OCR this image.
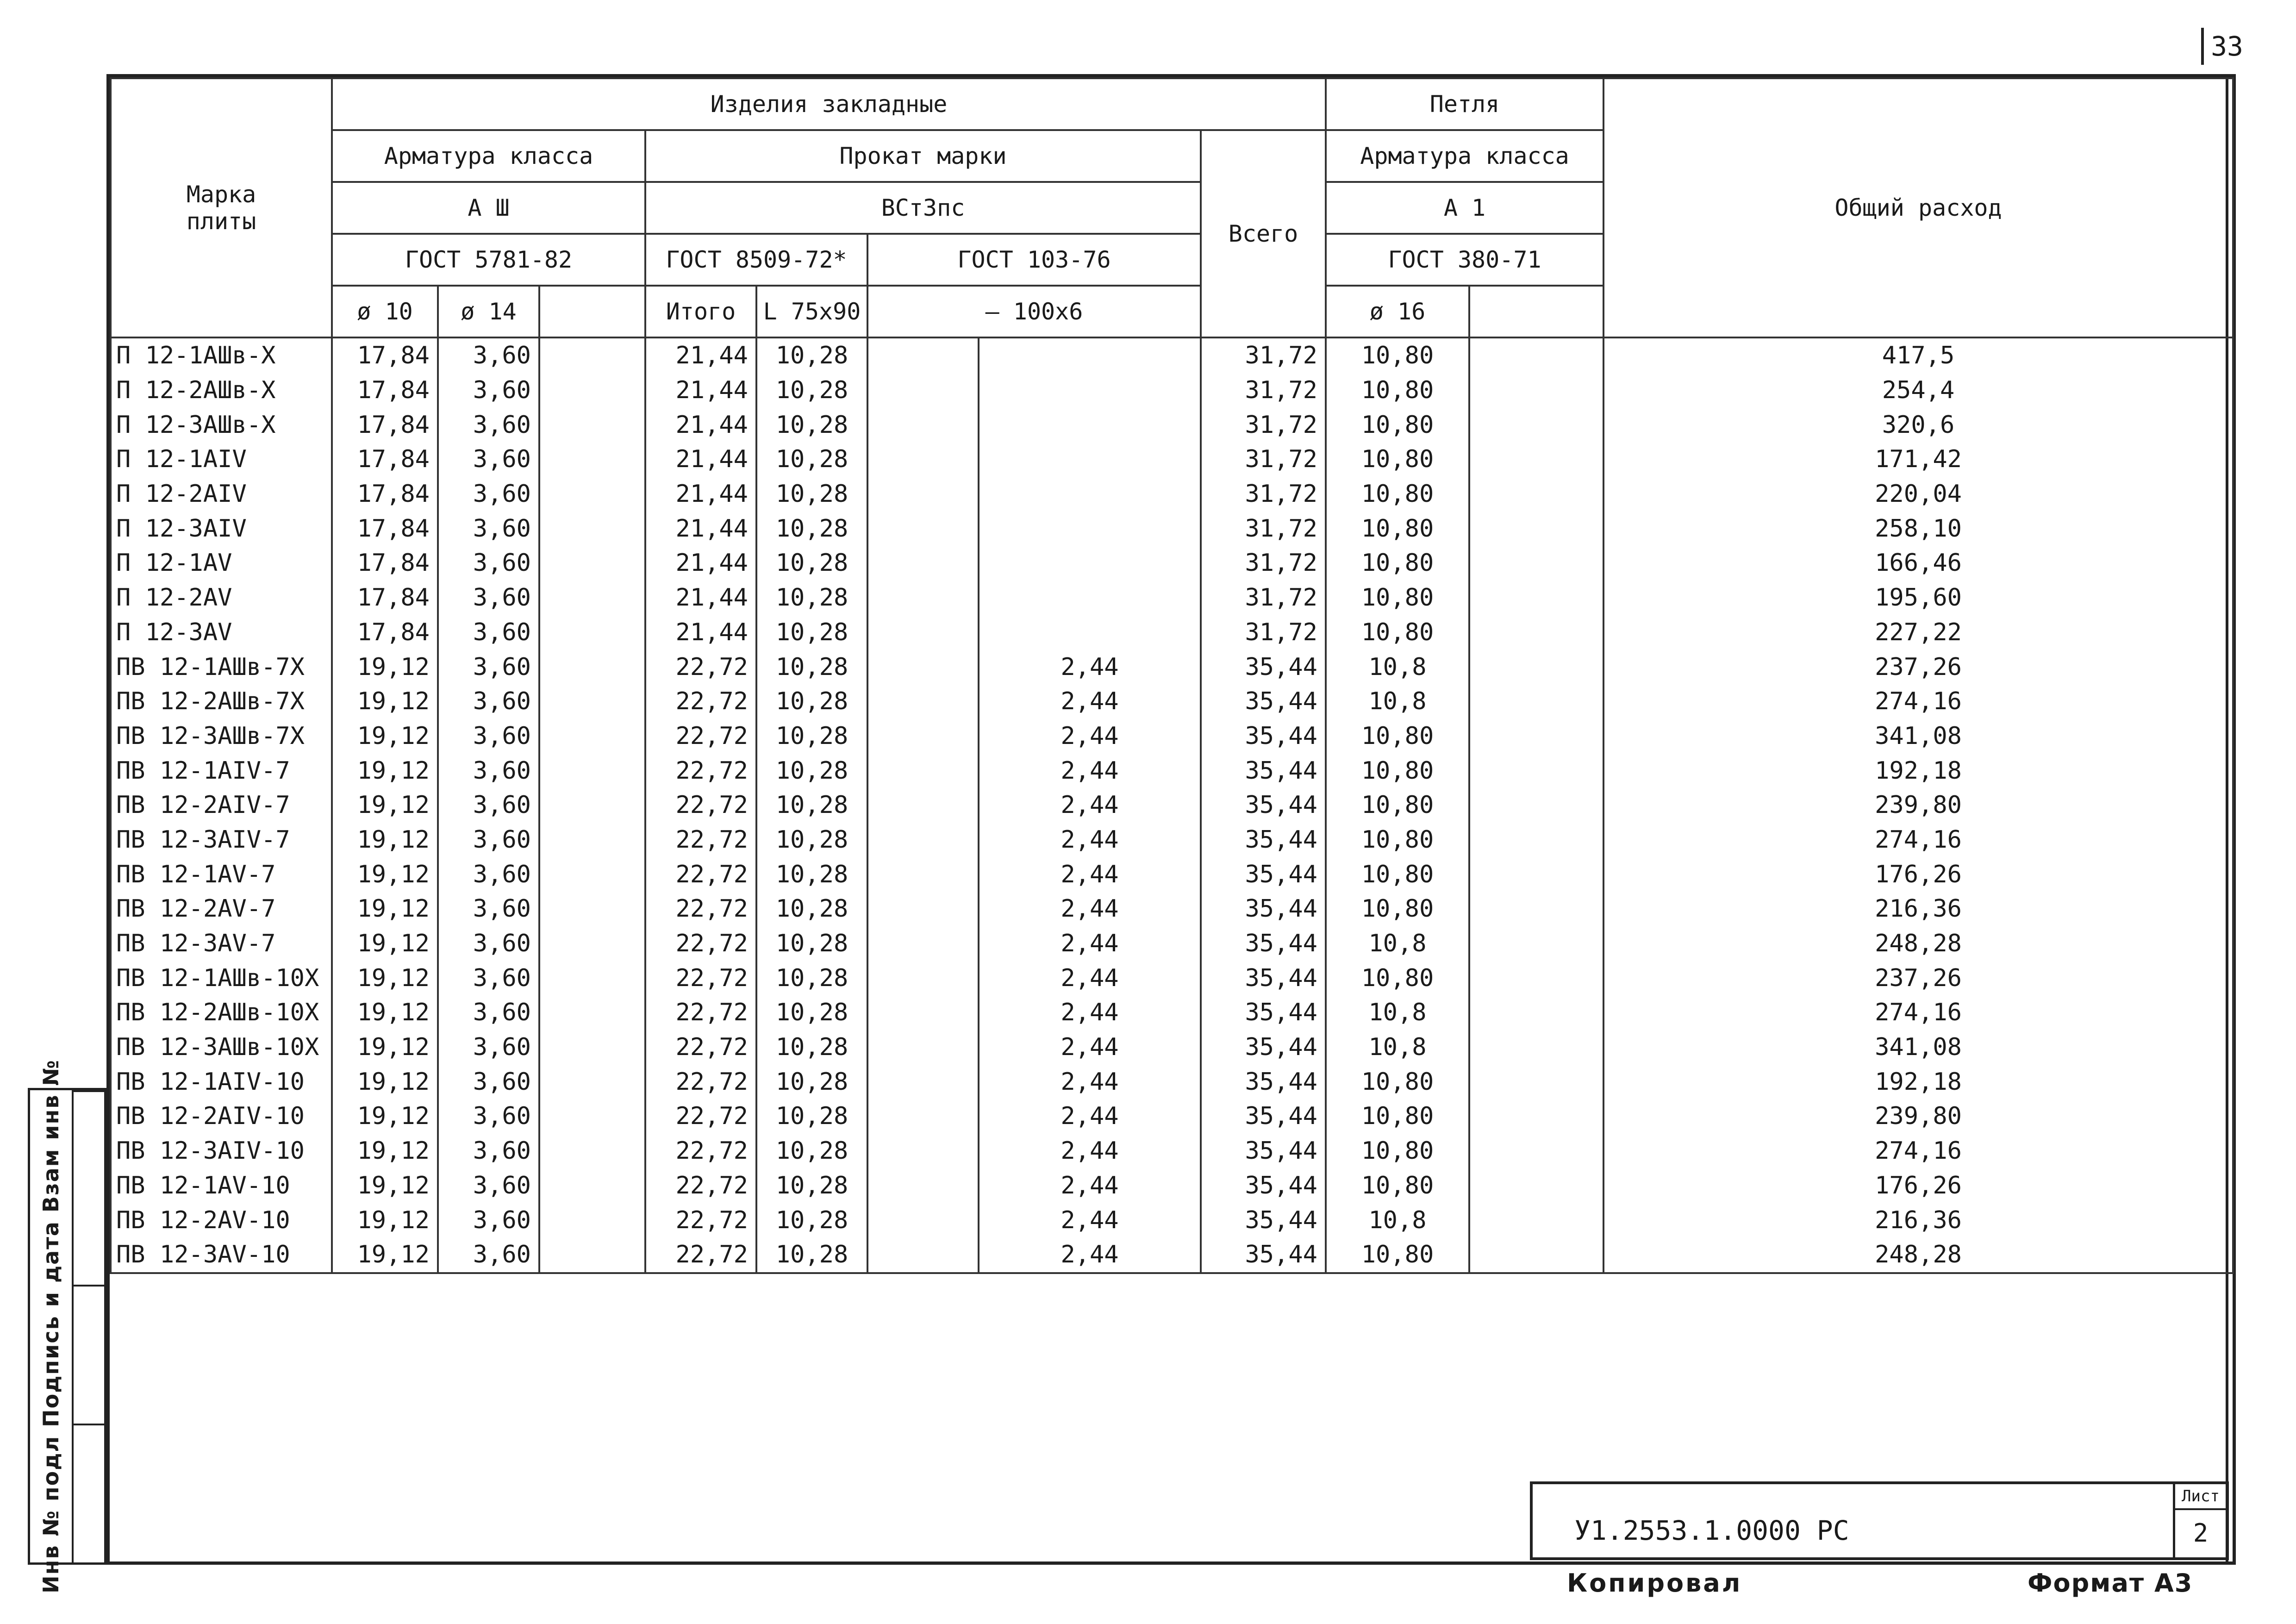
33
Марка
плиты	Изделия закладные								Петля		Общий расход
	Арматура класса			Прокат марки				Всего	Арматура класса		
	А Ш			ВСт3пс					А 1		
	ГОСТ 5781-82			ГОСТ 8509-72*		ГОСТ 103-76			ГОСТ 380-71		
	ø 10	ø 14		Итого	L 75x90	– 100x6			ø 16		
П 12-1АШв-Х	17,84	3,60		21,44	10,28			31,72	10,80		417,5
П 12-2АШв-Х	17,84	3,60		21,44	10,28			31,72	10,80		254,4
П 12-3АШв-Х	17,84	3,60		21,44	10,28			31,72	10,80		320,6
П 12-1АIV	17,84	3,60		21,44	10,28			31,72	10,80		171,42
П 12-2АIV	17,84	3,60		21,44	10,28			31,72	10,80		220,04
П 12-3АIV	17,84	3,60		21,44	10,28			31,72	10,80		258,10
П 12-1АV	17,84	3,60		21,44	10,28			31,72	10,80		166,46
П 12-2АV	17,84	3,60		21,44	10,28			31,72	10,80		195,60
П 12-3АV	17,84	3,60		21,44	10,28			31,72	10,80		227,22
ПВ 12-1АШв-7Х	19,12	3,60		22,72	10,28		2,44	35,44	10,8		237,26
ПВ 12-2АШв-7Х	19,12	3,60		22,72	10,28		2,44	35,44	10,8		274,16
ПВ 12-3АШв-7Х	19,12	3,60		22,72	10,28		2,44	35,44	10,80		341,08
ПВ 12-1АIV-7	19,12	3,60		22,72	10,28		2,44	35,44	10,80		192,18
ПВ 12-2АIV-7	19,12	3,60		22,72	10,28		2,44	35,44	10,80		239,80
ПВ 12-3АIV-7	19,12	3,60		22,72	10,28		2,44	35,44	10,80		274,16
ПВ 12-1АV-7	19,12	3,60		22,72	10,28		2,44	35,44	10,80		176,26
ПВ 12-2АV-7	19,12	3,60		22,72	10,28		2,44	35,44	10,80		216,36
ПВ 12-3АV-7	19,12	3,60		22,72	10,28		2,44	35,44	10,8		248,28
ПВ 12-1АШв-10Х	19,12	3,60		22,72	10,28		2,44	35,44	10,80		237,26
ПВ 12-2АШв-10Х	19,12	3,60		22,72	10,28		2,44	35,44	10,8		274,16
ПВ 12-3АШв-10Х	19,12	3,60		22,72	10,28		2,44	35,44	10,8		341,08
ПВ 12-1АIV-10	19,12	3,60		22,72	10,28		2,44	35,44	10,80		192,18
ПВ 12-2АIV-10	19,12	3,60		22,72	10,28		2,44	35,44	10,80		239,80
ПВ 12-3АIV-10	19,12	3,60		22,72	10,28		2,44	35,44	10,80		274,16
ПВ 12-1АV-10	19,12	3,60		22,72	10,28		2,44	35,44	10,80		176,26
ПВ 12-2АV-10	19,12	3,60		22,72	10,28		2,44	35,44	10,8		216,36
ПВ 12-3АV-10	19,12	3,60		22,72	10,28		2,44	35,44	10,80		248,28

Инв № подл Подпись и дата Взам инв №	У1.2553.1.0000 РС
Лист
2
Копировал	Формат А3
